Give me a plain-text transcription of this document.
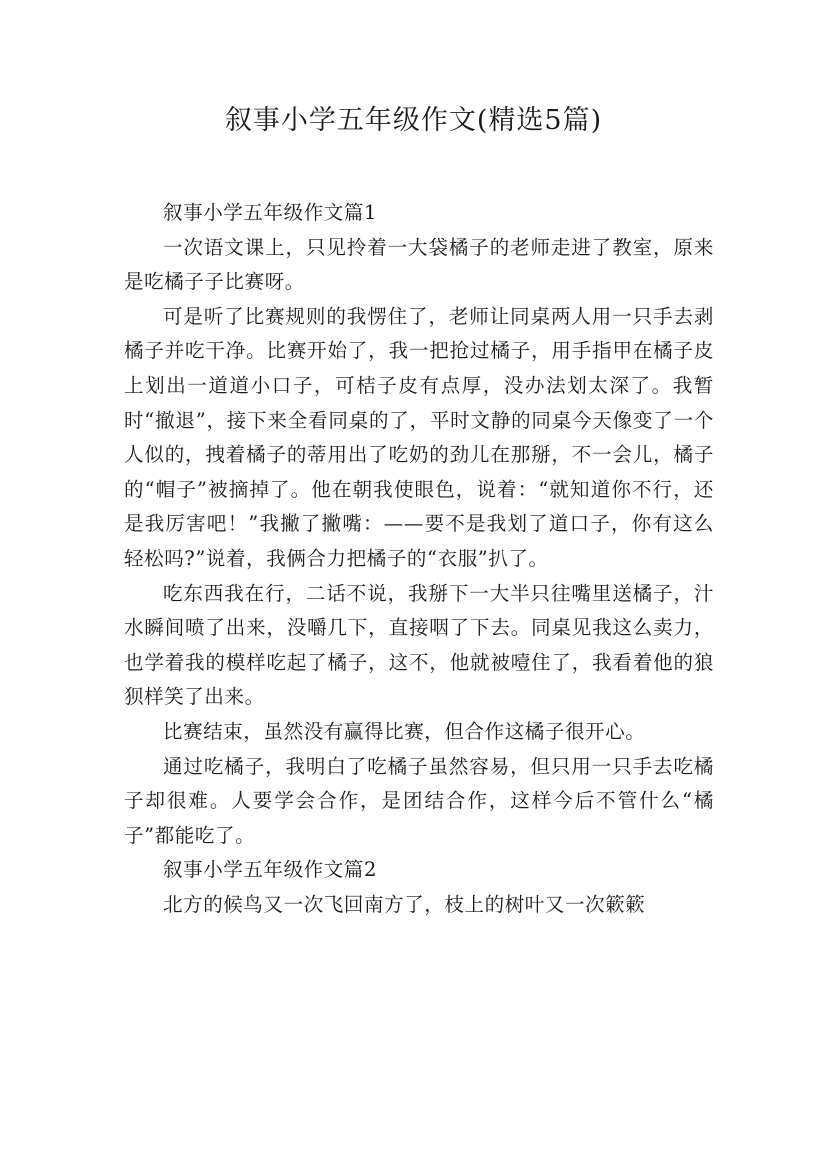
叙事小学五年级作文(精选5篇)

叙事小学五年级作文篇1

一次语文课上，只见拎着一大袋橘子的老师走进了教室，原来是吃橘子子比赛呀。

可是听了比赛规则的我愣住了，老师让同桌两人用一只手去剥橘子并吃干净。比赛开始了，我一把抢过橘子，用手指甲在橘子皮上划出一道道小口子，可桔子皮有点厚，没办法划太深了。我暂时“撤退”，接下来全看同桌的了，平时文静的同桌今天像变了一个人似的，拽着橘子的蒂用出了吃奶的劲儿在那掰，不一会儿，橘子的“帽子”被摘掉了。他在朝我使眼色，说着：“就知道你不行，还是我厉害吧！”我撇了撇嘴：——要不是我划了道口子，你有这么轻松吗?”说着，我俩合力把橘子的“衣服”扒了。

吃东西我在行，二话不说，我掰下一大半只往嘴里送橘子，汁水瞬间喷了出来，没嚼几下，直接咽了下去。同桌见我这么卖力，也学着我的模样吃起了橘子，这不，他就被噎住了，我看着他的狼狈样笑了出来。

比赛结束，虽然没有赢得比赛，但合作这橘子很开心。

通过吃橘子，我明白了吃橘子虽然容易，但只用一只手去吃橘子却很难。人要学会合作，是团结合作，这样今后不管什么“橘子”都能吃了。

叙事小学五年级作文篇2

北方的候鸟又一次飞回南方了，枝上的树叶又一次簌簌
